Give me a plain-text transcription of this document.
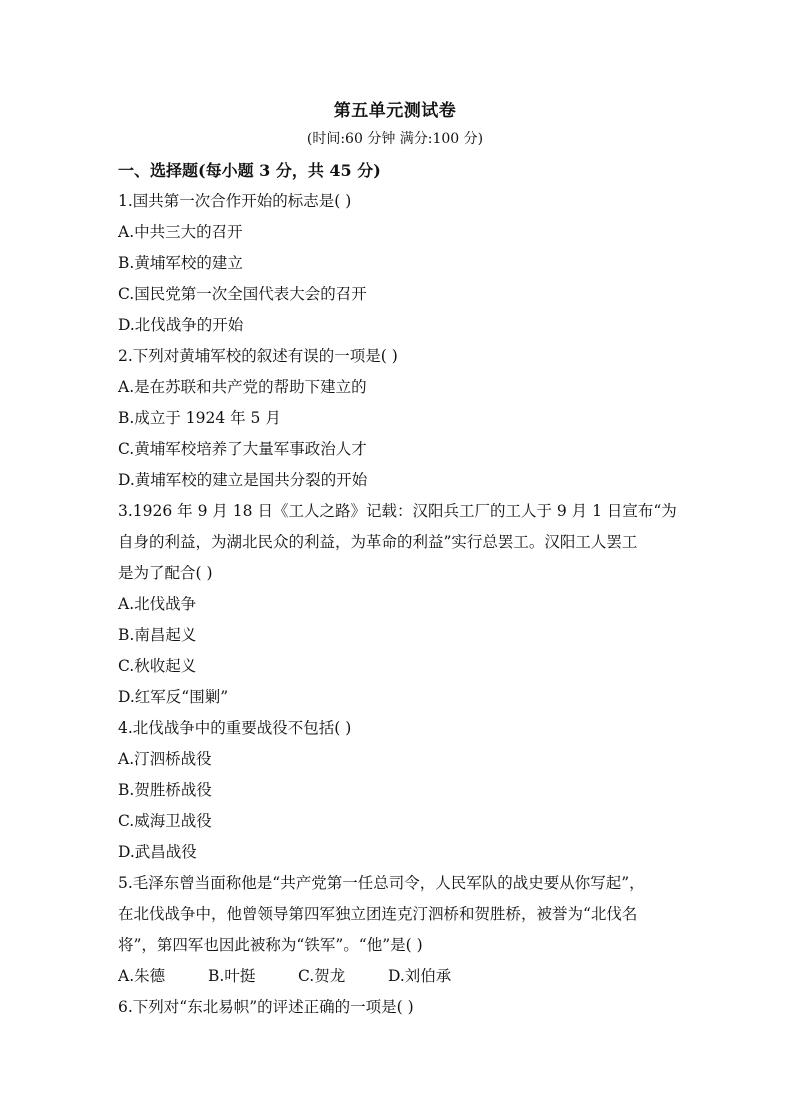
第五单元测试卷
(时间:60 分钟 满分:100 分)
一、选择题(每小题 3 分，共 45 分)
1.国共第一次合作开始的标志是( )
A.中共三大的召开
B.黄埔军校的建立
C.国民党第一次全国代表大会的召开
D.北伐战争的开始
2.下列对黄埔军校的叙述有误的一项是( )
A.是在苏联和共产党的帮助下建立的
B.成立于 1924 年 5 月
C.黄埔军校培养了大量军事政治人才
D.黄埔军校的建立是国共分裂的开始
3.1926 年 9 月 18 日《工人之路》记载：汉阳兵工厂的工人于 9 月 1 日宣布“为
自身的利益，为湖北民众的利益，为革命的利益”实行总罢工。汉阳工人罢工
是为了配合( )
A.北伐战争
B.南昌起义
C.秋收起义
D.红军反“围剿”
4.北伐战争中的重要战役不包括( )
A.汀泗桥战役
B.贺胜桥战役
C.威海卫战役
D.武昌战役
5.毛泽东曾当面称他是“共产党第一任总司令，人民军队的战史要从你写起”，
在北伐战争中，他曾领导第四军独立团连克汀泗桥和贺胜桥，被誉为“北伐名
将”，第四军也因此被称为“铁军”。“他”是( )
A.朱德	B.叶挺	C.贺龙	D.刘伯承
6.下列对“东北易帜”的评述正确的一项是( )
